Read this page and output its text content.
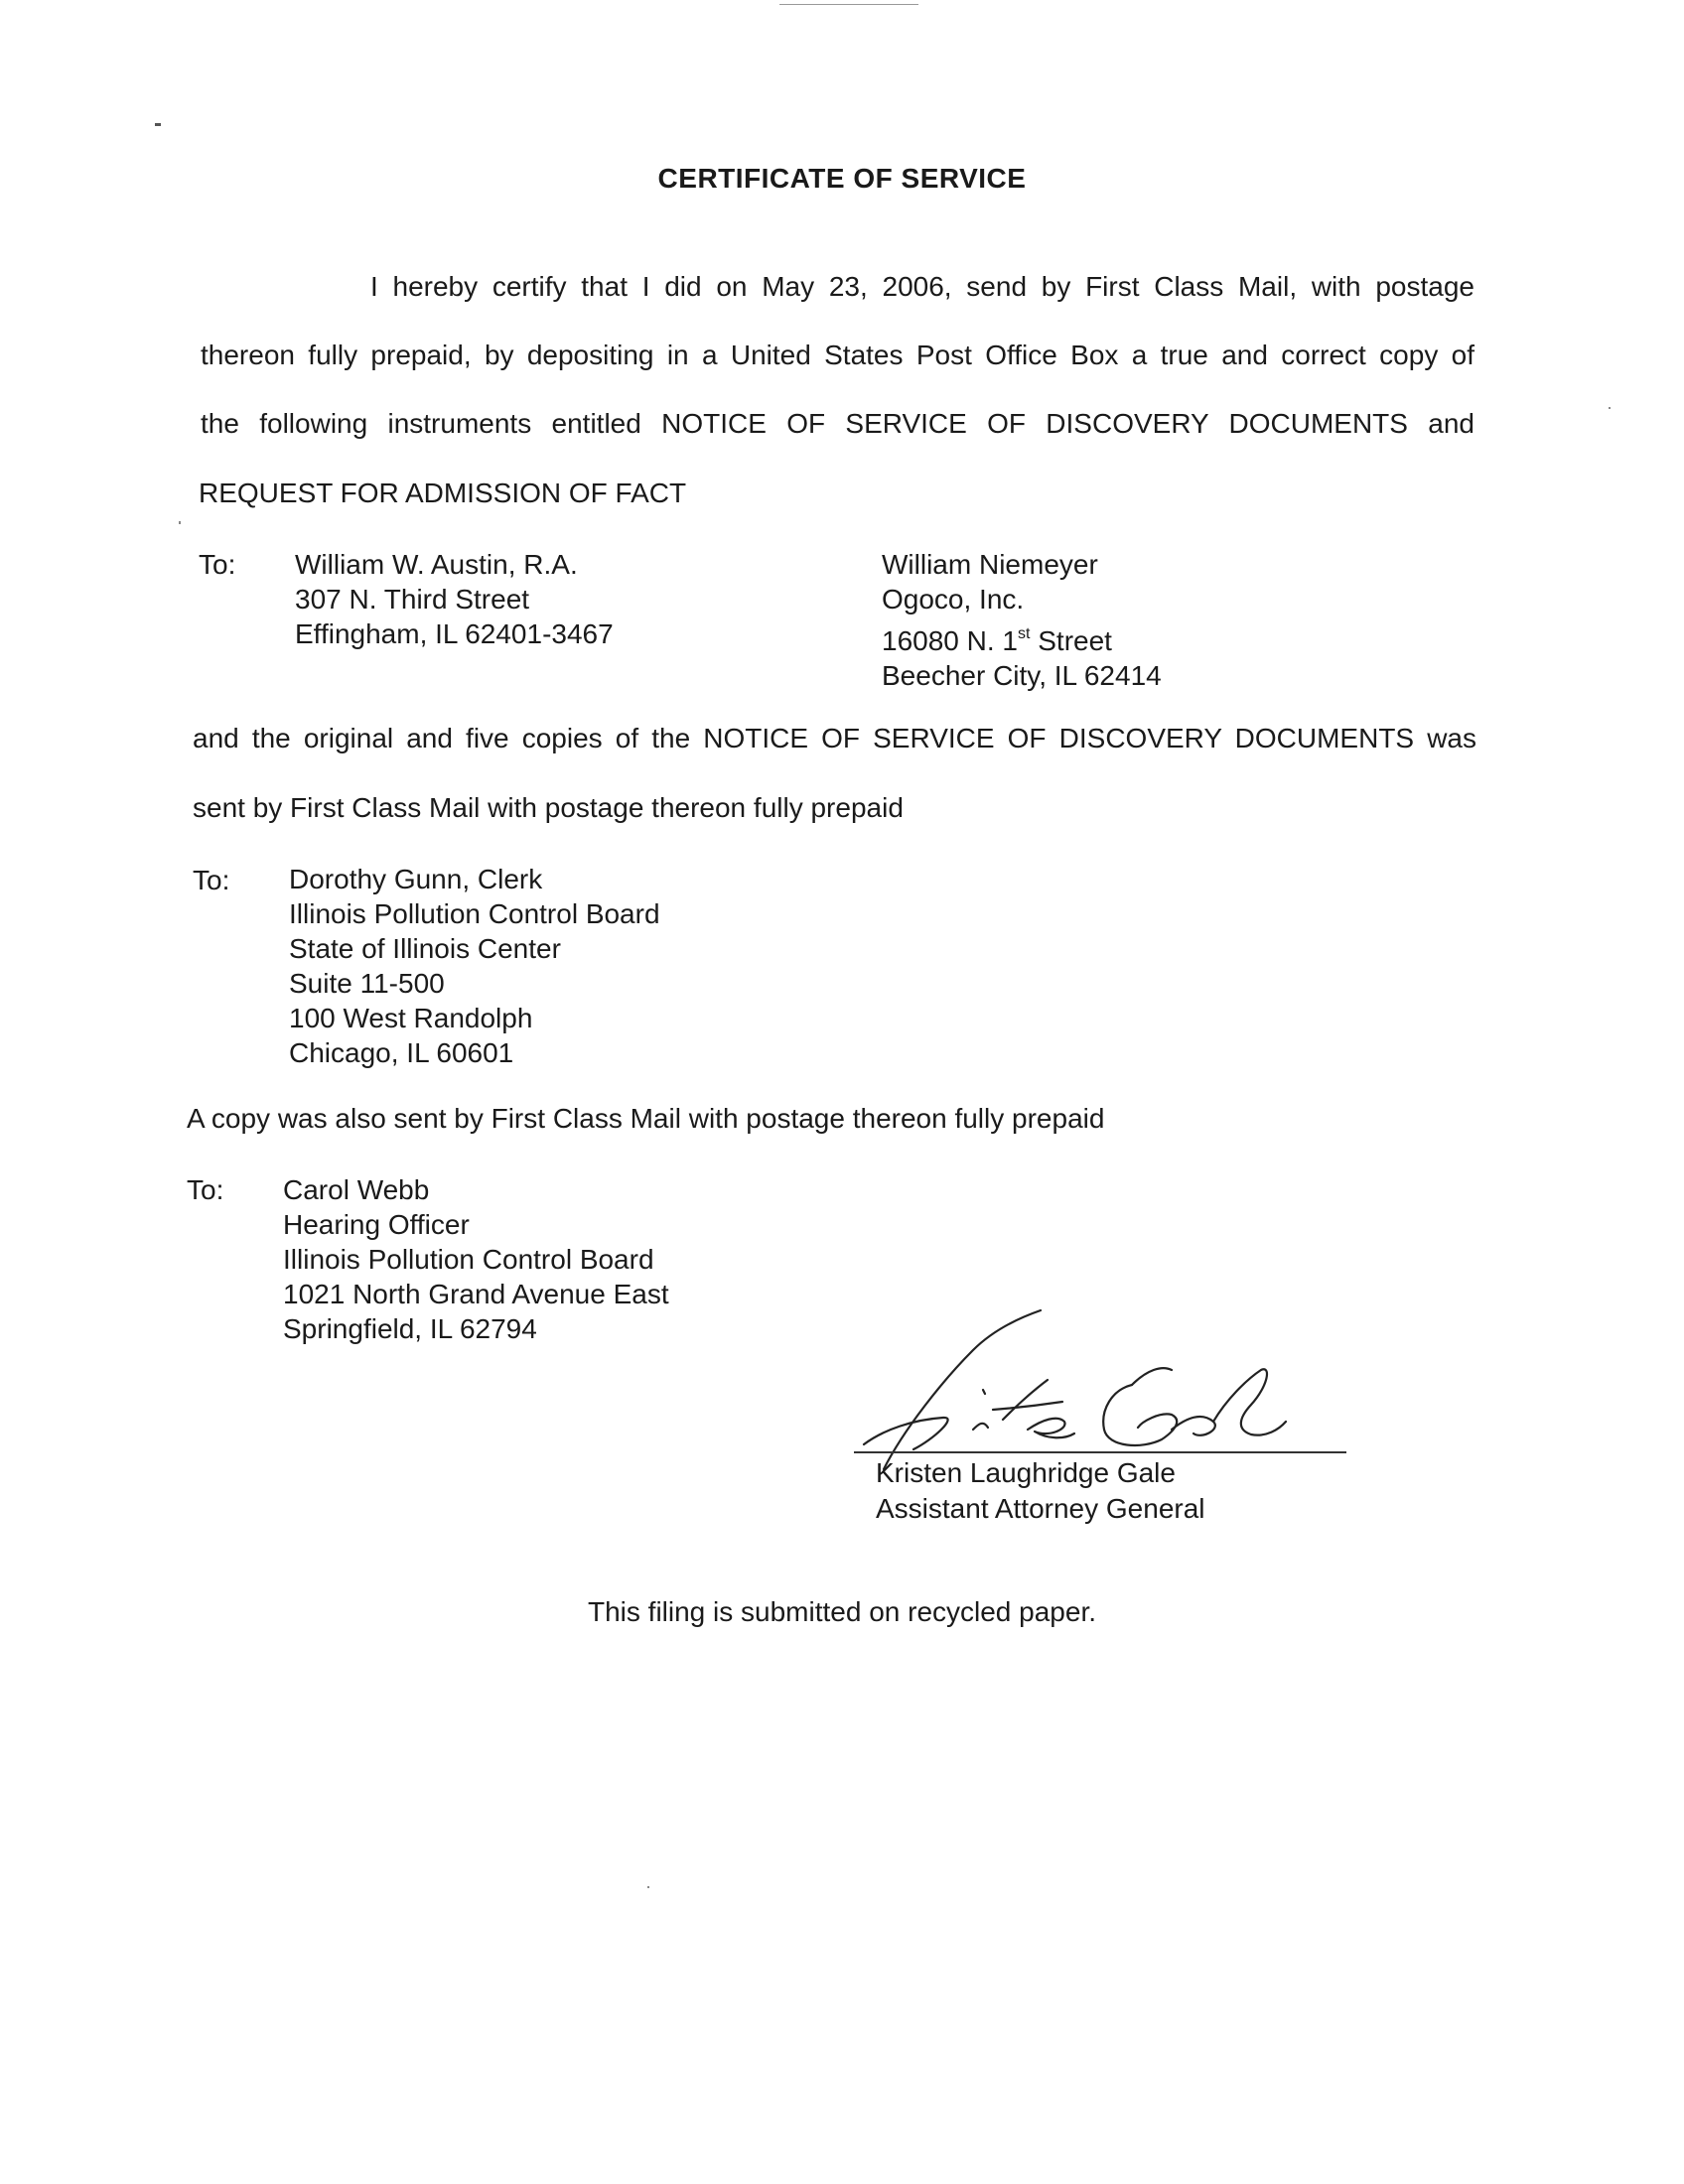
CERTIFICATE OF SERVICE
I hereby certify that I did on May 23, 2006, send by First Class Mail, with postage
thereon fully prepaid, by depositing in a United States Post Office Box a true and correct copy of
the following instruments entitled NOTICE OF SERVICE OF DISCOVERY DOCUMENTS and
REQUEST FOR ADMISSION OF FACT
To: William W. Austin, R.A.
307 N. Third Street
Effingham, IL 62401-3467
William Niemeyer
Ogoco, Inc.
16080 N. 1st Street
Beecher City, IL 62414
and the original and five copies of the NOTICE OF SERVICE OF DISCOVERY DOCUMENTS was
sent by First Class Mail with postage thereon fully prepaid
To: Dorothy Gunn, Clerk
Illinois Pollution Control Board
State of Illinois Center
Suite 11-500
100 West Randolph
Chicago, IL 60601
A copy was also sent by First Class Mail with postage thereon fully prepaid
To: Carol Webb
Hearing Officer
Illinois Pollution Control Board
1021 North Grand Avenue East
Springfield, IL 62794
Kristen Laughridge Gale
Assistant Attorney General
This filing is submitted on recycled paper.
